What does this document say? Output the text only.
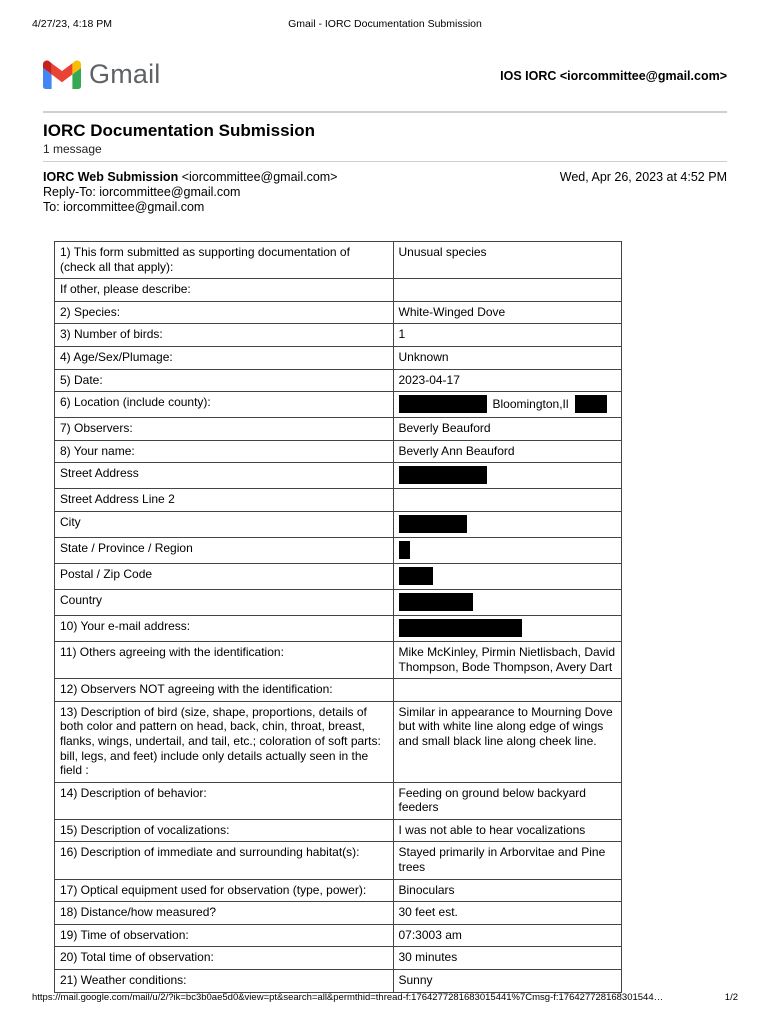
4/27/23, 4:18 PM	Gmail - IORC Documentation Submission
Gmail	IOS IORC <iorcommittee@gmail.com>
IORC Documentation Submission
1 message
IORC Web Submission <iorcommittee@gmail.com>
Reply-To: iorcommittee@gmail.com
To: iorcommittee@gmail.com
Wed, Apr 26, 2023 at 4:52 PM
1) This form submitted as supporting documentation of (check all that apply):	Unusual species
If other, please describe:	
2) Species:	White-Winged Dove
3) Number of birds:	1
4) Age/Sex/Plumage:	Unknown
5) Date:	2023-04-17
6) Location (include county):	Bloomington,Il

7) Observers:	Beverly Beauford
8) Your name:	Beverly Ann Beauford
Street Address	
Street Address Line 2	
City	
State / Province / Region	
Postal / Zip Code	
Country	
10) Your e-mail address:	
11) Others agreeing with the identification:	Mike McKinley, Pirmin Nietlisbach, David Thompson, Bode Thompson, Avery Dart
12) Observers NOT agreeing with the identification:	
13) Description of bird (size, shape, proportions, details of both color and pattern on head, back, chin, throat, breast, flanks, wings, undertail, and tail, etc.; coloration of soft parts: bill, legs, and feet) include only details actually seen in the field :	Similar in appearance to Mourning Dove but with white line along edge of wings and small black line along cheek line.
14) Description of behavior:	Feeding on ground below backyard feeders
15) Description of vocalizations:	I was not able to hear vocalizations
16) Description of immediate and surrounding habitat(s):	Stayed primarily in Arborvitae and Pine trees
17) Optical equipment used for observation (type, power):	Binoculars
18) Distance/how measured?	30 feet est.
19) Time of observation:	07:3003 am
20) Total time of observation:	30 minutes
21) Weather conditions:	Sunny
https://mail.google.com/mail/u/2/?ik=bc3b0ae5d0&view=pt&search=all&permthid=thread-f:1764277281683015441%7Cmsg-f:176427728168301544…	1/2
